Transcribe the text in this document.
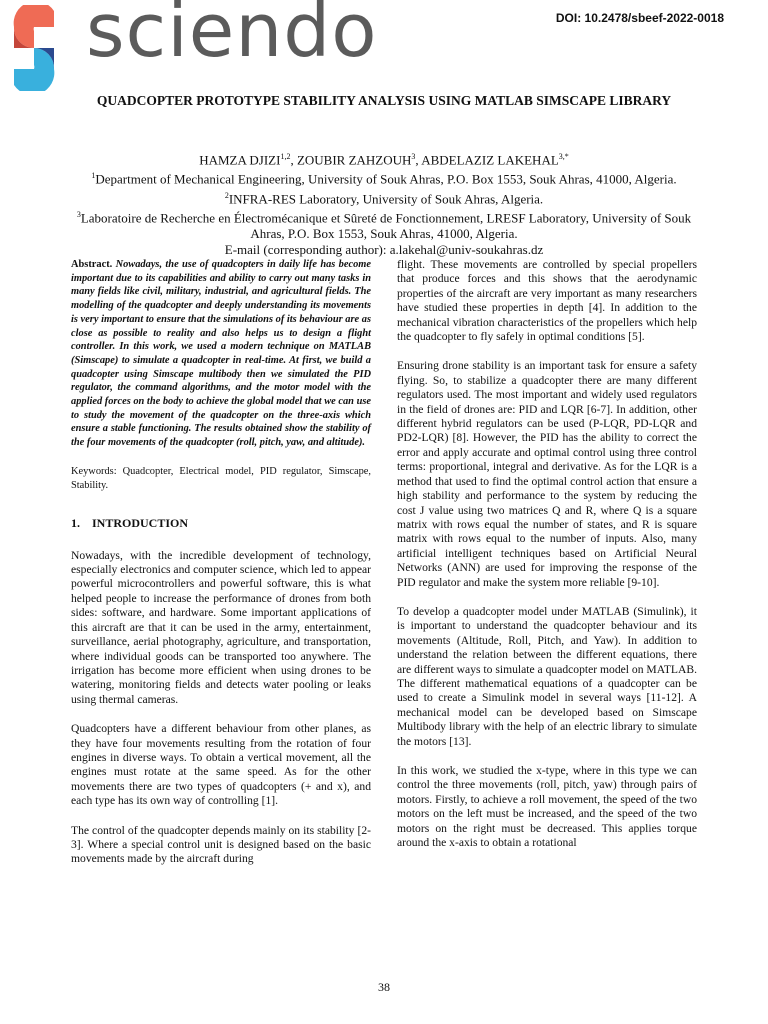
sciendo	DOI: 10.2478/sbeef-2022-0018
QUADCOPTER PROTOTYPE STABILITY ANALYSIS USING MATLAB SIMSCAPE LIBRARY
HAMZA DJIZI$^{1,2}$, ZOUBIR ZAHZOUH$^3$, ABDELAZIZ $LAKEHAL^{3,*}$
$^1$Department of Mechanical Engineering, University of Souk Ahras, P.O. Box 1553, Souk Ahras, 41000, Algeria.
$^2$INFRA-RES Laboratory, University of Souk Ahras, Algeria.
$^3$Laboratoire de Recherche en Électromécanique et Sûreté de Fonctionnement, LRESF Laboratory, University of Souk Ahras, P.O. Box 1553, Souk Ahras, 41000, Algeria.
E-mail (corresponding author): a.lakehal@univ-soukahras.dz

Abstract. Nowadays, the use of quadcopters in daily life has become important due to its capabilities and ability to carry out many tasks in many fields like civil, military, industrial, and agricultural fields. The modelling of the quadcopter and deeply understanding its movements is very important to ensure that the simulations of its behaviour are as close as possible to reality and also helps us to design a flight controller. In this work, we used a modern technique on MATLAB (Simscape) to simulate a quadcopter in real-time. At first, we build a quadcopter using Simscape multibody then we simulated the PID regulator, the command algorithms, and the motor model with the applied forces on the body to achieve the global model that we can use to study the movement of the quadcopter on the three-axis which ensure a stable functioning. The results obtained show the stability of the four movements of the quadcopter (roll, pitch, yaw, and altitude).

Keywords: Quadcopter, Electrical model, PID regulator, Simscape, Stability.

1. INTRODUCTION

Nowadays, with the incredible development of technology, especially electronics and computer science, which led to appear powerful microcontrollers and powerful software, this is what helped people to increase the performance of drones from both sides: software, and hardware. Some important applications of this aircraft are that it can be used in the army, entertainment, surveillance, aerial photography, agriculture, and transportation, where individual goods can be transported too anywhere. The irrigation has become more efficient when using drones to be watering, monitoring fields and detects water pooling or leaks using thermal cameras.

Quadcopters have a different behaviour from other planes, as they have four movements resulting from the rotation of four engines in diverse ways. To obtain a vertical movement, all the engines must rotate at the same speed. As for the other movements there are two types of quadcopters (+ and x), and each type has its own way of controlling [1].

The control of the quadcopter depends mainly on its stability [2-3]. Where a special control unit is designed based on the basic movements made by the aircraft during

flight. These movements are controlled by special propellers that produce forces and this shows that the aerodynamic properties of the aircraft are very important as many researchers have studied these properties in depth [4]. In addition to the mechanical vibration characteristics of the propellers which help the quadcopter to fly safely in optimal conditions [5].

Ensuring drone stability is an important task for ensure a safety flying. So, to stabilize a quadcopter there are many different regulators used. The most important and widely used regulators in the field of drones are: PID and LQR [6-7]. In addition, other different hybrid regulators can be used (P-LQR, PD-LQR and PD2-LQR) [8]. However, the PID has the ability to correct the error and apply accurate and optimal control using three control terms: proportional, integral and derivative. As for the LQR is a method that used to find the optimal control action that ensure a high stability and performance to the system by reducing the cost J value using two matrices Q and R, where Q is a square matrix with rows equal the number of states, and R is square matrix with rows equal to the number of inputs. Also, many artificial intelligent techniques based on Artificial Neural Networks (ANN) are used for improving the response of the PID regulator and make the system more reliable [9-10].

To develop a quadcopter model under MATLAB (Simulink), it is important to understand the quadcopter behaviour and its movements (Altitude, Roll, Pitch, and Yaw). In addition to understand the relation between the different equations, there are different ways to simulate a quadcopter model on MATLAB. The different mathematical equations of a quadcopter can be used to create a Simulink model in several ways [11-12]. A mechanical model can be developed based on Simscape Multibody library with the help of an electric library to simulate the motors [13].

In this work, we studied the x-type, where in this type we can control the three movements (roll, pitch, yaw) through pairs of motors. Firstly, to achieve a roll movement, the speed of the two motors on the left must be increased, and the speed of the two motors on the right must be decreased. This applies torque around the x-axis to obtain a rotational

38
